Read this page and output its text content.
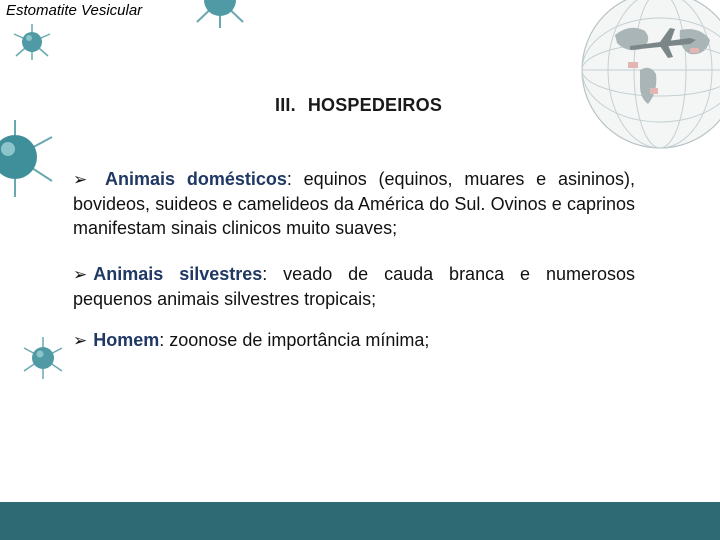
Estomatite Vesicular
III. HOSPEDEIROS
➢ Animais domésticos: equinos (equinos, muares e asininos), bovideos, suideos e camelideos da América do Sul. Ovinos e caprinos manifestam sinais clinicos muito suaves;
➢ Animais silvestres: veado de cauda branca e numerosos pequenos animais silvestres tropicais;
➢ Homem: zoonose de importância mínima;
